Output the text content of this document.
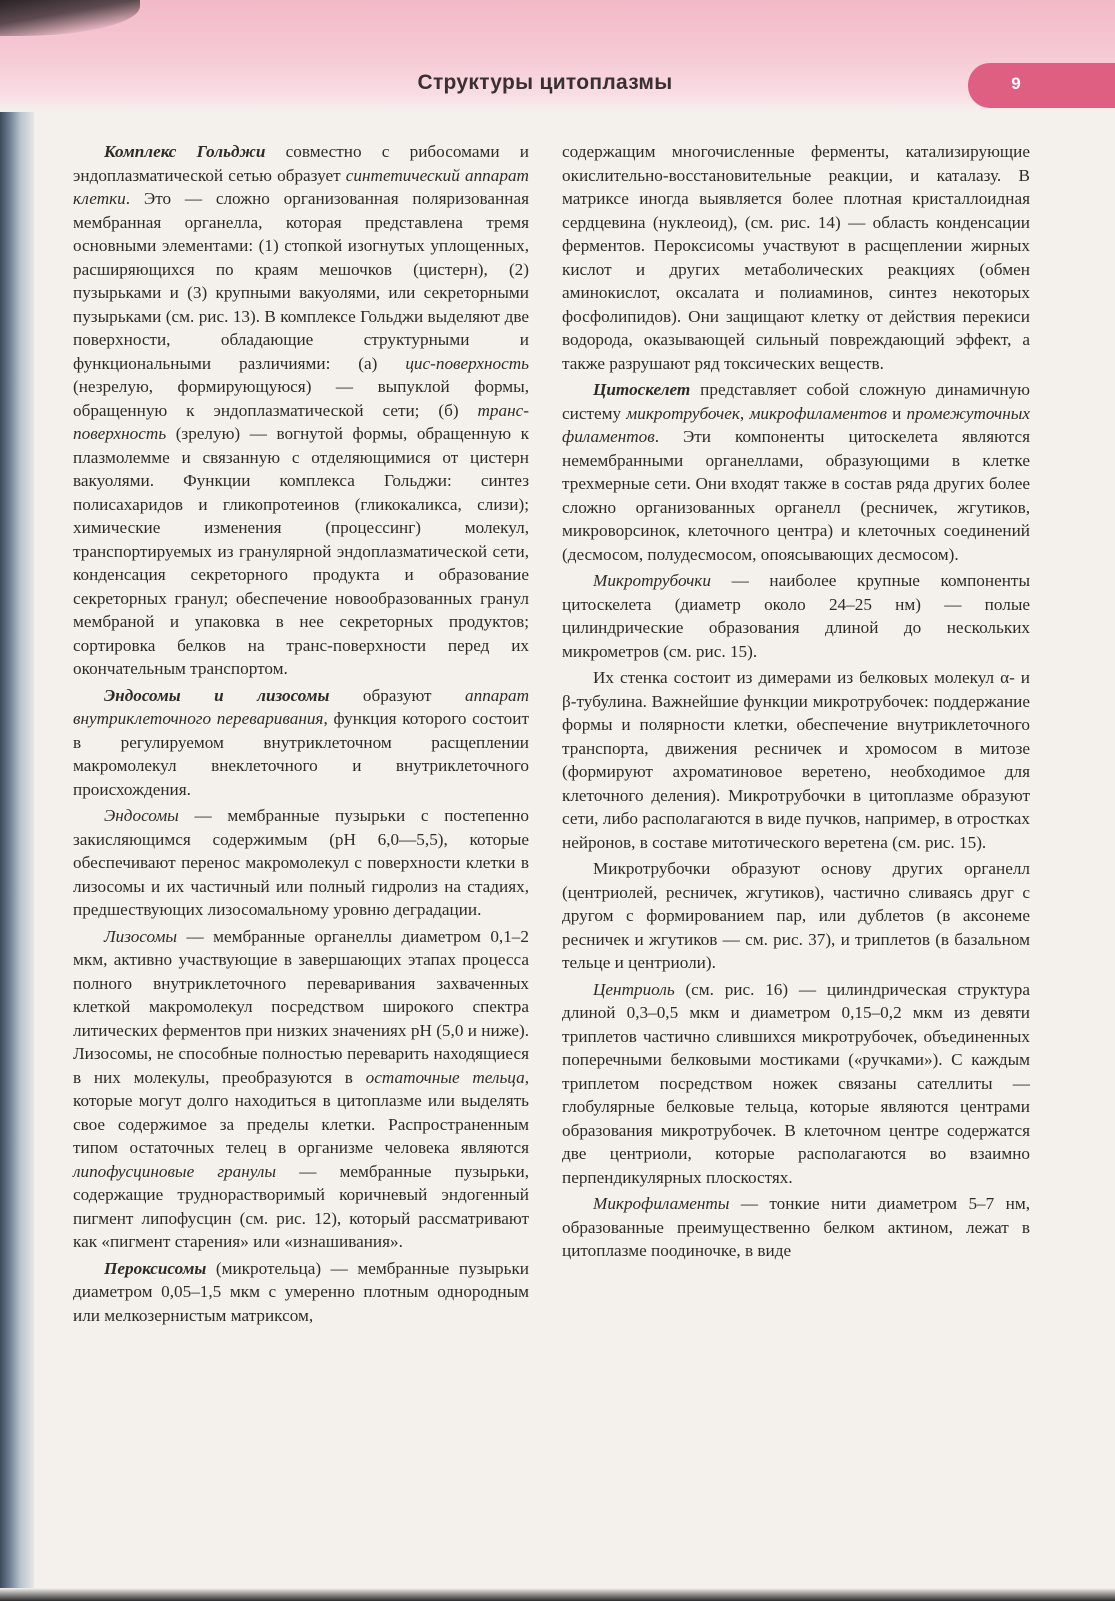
Структуры цитоплазмы	9

Комплекс Гольджи совместно с рибосомами и эндоплазматической сетью образует синтетический аппарат клетки. Это — сложно организованная поляризованная мембранная органелла, которая представлена тремя основными элементами: (1) стопкой изогнутых уплощенных, расширяющихся по краям мешочков (цистерн), (2) пузырьками и (3) крупными вакуолями, или секреторными пузырьками (см. рис. 13). В комплексе Гольджи выделяют две поверхности, обладающие структурными и функциональными различиями: (а) цис-поверхность (незрелую, формирующуюся) — выпуклой формы, обращенную к эндоплазматической сети; (б) транс-поверхность (зрелую) — вогнутой формы, обращенную к плазмолемме и связанную с отделяющимися от цистерн вакуолями. Функции комплекса Гольджи: синтез полисахаридов и гликопротеинов (гликокаликса, слизи); химические изменения (процессинг) молекул, транспортируемых из гранулярной эндоплазматической сети, конденсация секреторного продукта и образование секреторных гранул; обеспечение новообразованных гранул мембраной и упаковка в нее секреторных продуктов; сортировка белков на транс-поверхности перед их окончательным транспортом.

Эндосомы и лизосомы образуют аппарат внутриклеточного переваривания, функция которого состоит в регулируемом внутриклеточном расщеплении макромолекул внеклеточного и внутриклеточного происхождения.

Эндосомы — мембранные пузырьки с постепенно закисляющимся содержимым (pH 6,0—5,5), которые обеспечивают перенос макромолекул с поверхности клетки в лизосомы и их частичный или полный гидролиз на стадиях, предшествующих лизосомальному уровню деградации.

Лизосомы — мембранные органеллы диаметром 0,1–2 мкм, активно участвующие в завершающих этапах процесса полного внутриклеточного переваривания захваченных клеткой макромолекул посредством широкого спектра литических ферментов при низких значениях pH (5,0 и ниже). Лизосомы, не способные полностью переварить находящиеся в них молекулы, преобразуются в остаточные тельца, которые могут долго находиться в цитоплазме или выделять свое содержимое за пределы клетки. Распространенным типом остаточных телец в организме человека являются липофусциновые гранулы — мембранные пузырьки, содержащие труднорастворимый коричневый эндогенный пигмент липофусцин (см. рис. 12), который рассматривают как «пигмент старения» или «изнашивания».

Пероксисомы (микротельца) — мембранные пузырьки диаметром 0,05–1,5 мкм с умеренно плотным однородным или мелкозернистым матриксом,

содержащим многочисленные ферменты, катализирующие окислительно-восстановительные реакции, и каталазу. В матриксе иногда выявляется более плотная кристаллоидная сердцевина (нуклеоид), (см. рис. 14) — область конденсации ферментов. Пероксисомы участвуют в расщеплении жирных кислот и других метаболических реакциях (обмен аминокислот, оксалата и полиаминов, синтез некоторых фосфолипидов). Они защищают клетку от действия перекиси водорода, оказывающей сильный повреждающий эффект, а также разрушают ряд токсических веществ.

Цитоскелет представляет собой сложную динамичную систему микротрубочек, микрофиламентов и промежуточных филаментов. Эти компоненты цитоскелета являются немембранными органеллами, образующими в клетке трехмерные сети. Они входят также в состав ряда других более сложно организованных органелл (ресничек, жгутиков, микроворсинок, клеточного центра) и клеточных соединений (десмосом, полудесмосом, опоясывающих десмосом).

Микротрубочки — наиболее крупные компоненты цитоскелета (диаметр около 24–25 нм) — полые цилиндрические образования длиной до нескольких микрометров (см. рис. 15).

Их стенка состоит из димерами из белковых молекул α- и β-тубулина. Важнейшие функции микротрубочек: поддержание формы и полярности клетки, обеспечение внутриклеточного транспорта, движения ресничек и хромосом в митозе (формируют ахроматиновое веретено, необходимое для клеточного деления). Микротрубочки в цитоплазме образуют сети, либо располагаются в виде пучков, например, в отростках нейронов, в составе митотического веретена (см. рис. 15).

Микротрубочки образуют основу других органелл (центриолей, ресничек, жгутиков), частично сливаясь друг с другом с формированием пар, или дублетов (в аксонеме ресничек и жгутиков — см. рис. 37), и триплетов (в базальном тельце и центриоли).

Центриоль (см. рис. 16) — цилиндрическая структура длиной 0,3–0,5 мкм и диаметром 0,15–0,2 мкм из девяти триплетов частично слившихся микротрубочек, объединенных поперечными белковыми мостиками («ручками»). С каждым триплетом посредством ножек связаны сателлиты — глобулярные белковые тельца, которые являются центрами образования микротрубочек. В клеточном центре содержатся две центриоли, которые располагаются во взаимно перпендикулярных плоскостях.

Микрофиламенты — тонкие нити диаметром 5–7 нм, образованные преимущественно белком актином, лежат в цитоплазме поодиночке, в виде
